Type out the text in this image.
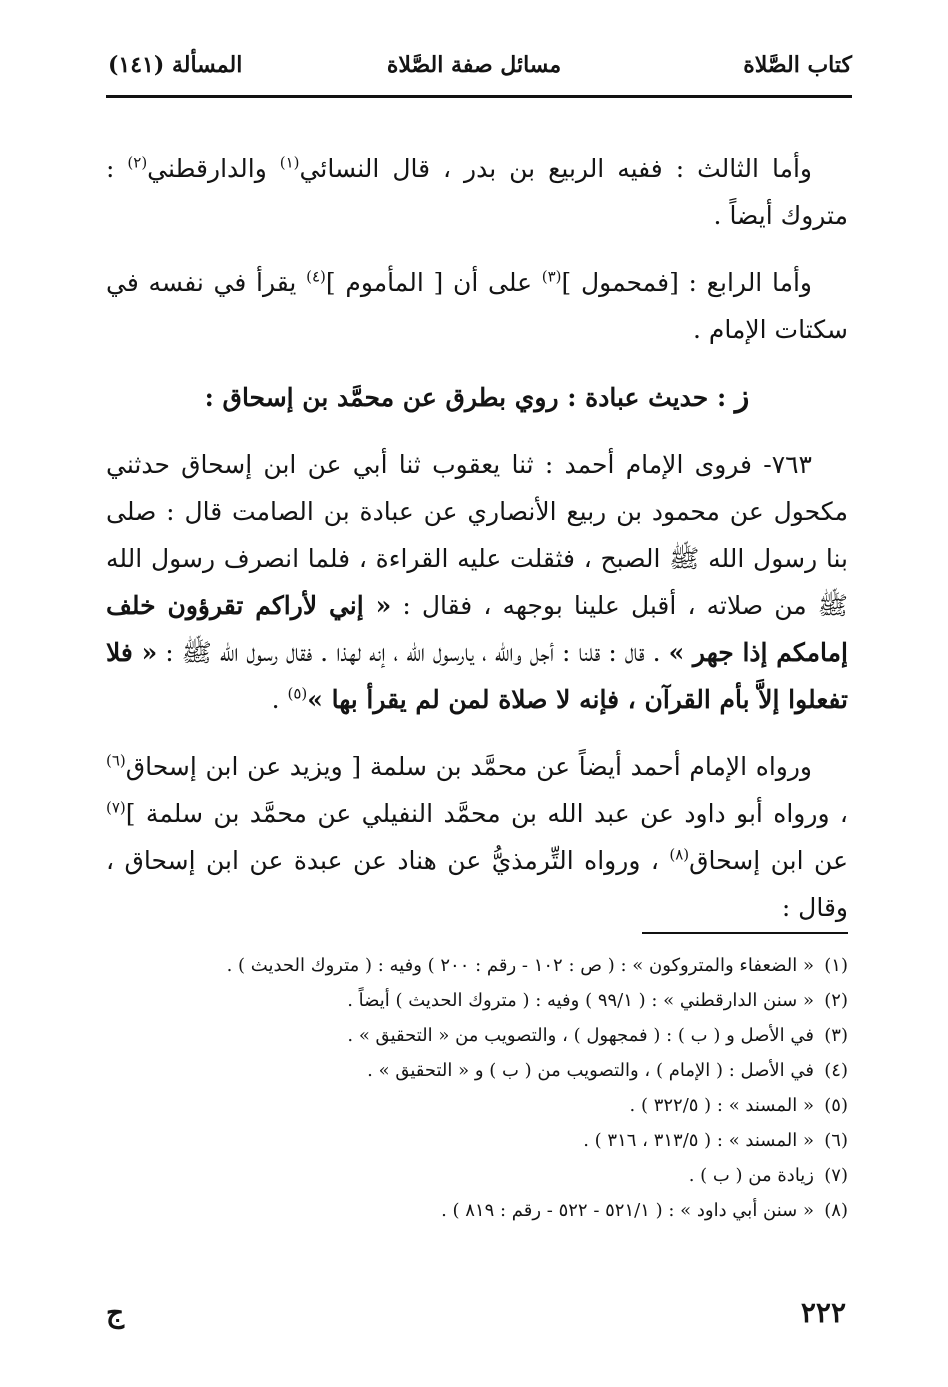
كتاب الصَّلاة
مسائل صفة الصَّلاة
المسألة (١٤١)

وأما الثالث : ففيه الربيع بن بدر ، قال النسائي$^{(١)}$ والدارقطني$^{(٢)}$ : متروك أيضاً .

وأما الرابع : [فمحمول ]$^{(٣)}$ على أن [ المأموم ]$^{(٤)}$ يقرأ في نفسه في سكتات الإمام .

ز : حديث عبادة : روي بطرق عن محمَّد بن إسحاق :

٧٦٣- فروى الإمام أحمد : ثنا يعقوب ثنا أبي عن ابن إسحاق حدثني مكحول عن محمود بن ربيع الأنصاري عن عبادة بن الصامت قال : صلى بنا رسول الله ﷺ الصبح ، فثقلت عليه القراءة ، فلما انصرف رسول الله ﷺ من صلاته ، أقبل علينا بوجهه ، فقال : « إني لأراكم تقرؤون خلف إمامكم إذا جهر » . قال : قلنا : أجل والله ، يارسول الله ، إنه لهذا . فقال رسول الله ﷺ : « فلا تفعلوا إلاَّ بأم القرآن ، فإنه لا صلاة لمن لم يقرأ بها »$^{(٥)}$ .

ورواه الإمام أحمد أيضاً عن محمَّد بن سلمة [ ويزيد عن ابن إسحاق$^{(٦)}$ ، ورواه أبو داود عن عبد الله بن محمَّد النفيلي عن محمَّد بن سلمة ]$^{(٧)}$ عن ابن إسحاق$^{(٨)}$ ، ورواه التِّرمذيُّ عن هناد عن عبدة عن ابن إسحاق ، وقال :

(١)« الضعفاء والمتروكون » : ( ص : ١٠٢ - رقم : ٢٠٠ ) وفيه : ( متروك الحديث ) .

(٢)« سنن الدارقطني » : ( ٩٩/١ ) وفيه : ( متروك الحديث ) أيضاً .

(٣)في الأصل و ( ب ) : ( فمجهول ) ، والتصويب من « التحقيق » .

(٤)في الأصل : ( الإمام ) ، والتصويب من ( ب ) و « التحقيق » .

(٥)« المسند » : ( ٣٢٢/٥ ) .

(٦)« المسند » : ( ٣١٣/٥ ، ٣١٦ ) .

(٧)زيادة من ( ب ) .

(٨)« سنن أبي داود » : ( ٥٢١/١ - ٥٢٢ - رقم : ٨١٩ ) .

٢٢٢
ج
